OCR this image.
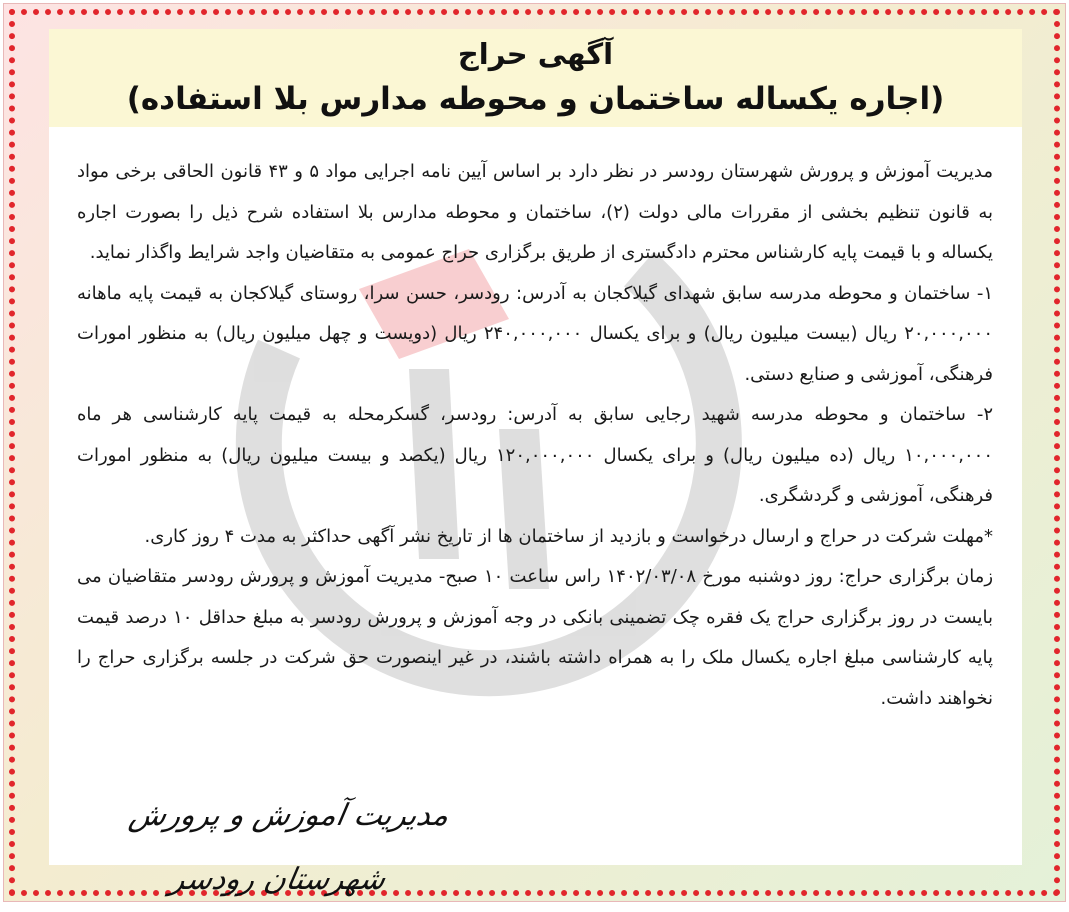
آگهی حراج
(اجاره یکساله ساختمان و محوطه مدارس بلا استفاده)

مدیریت آموزش و پرورش شهرستان رودسر در نظر دارد بر اساس آیین نامه اجرایی مواد ۵ و ۴۳ قانون الحاقی برخی مواد به قانون تنظیم بخشی از مقررات مالی دولت (۲)، ساختمان و محوطه مدارس بلا استفاده شرح ذیل را بصورت اجاره یکساله و با قیمت پایه کارشناس محترم دادگستری از طریق برگزاری حراج عمومی به متقاضیان واجد شرایط واگذار نماید.

۱- ساختمان و محوطه مدرسه سابق شهدای گیلاکجان به آدرس: رودسر، حسن سرا، روستای گیلاکجان به قیمت پایه ماهانه ۲۰,۰۰۰,۰۰۰ ریال (بیست میلیون ریال) و برای یکسال ۲۴۰,۰۰۰,۰۰۰ ریال (دویست و چهل میلیون ریال) به منظور امورات فرهنگی، آموزشی و صنایع دستی.

۲- ساختمان و محوطه مدرسه شهید رجایی سابق به آدرس: رودسر، گسکرمحله به قیمت پایه کارشناسی هر ماه ۱۰,۰۰۰,۰۰۰ ریال (ده میلیون ریال) و برای یکسال ۱۲۰,۰۰۰,۰۰۰ ریال (یکصد و بیست میلیون ریال) به منظور امورات فرهنگی، آموزشی و گردشگری.

*مهلت شرکت در حراج و ارسال درخواست و بازدید از ساختمان ها از تاریخ نشر آگهی حداکثر به مدت ۴ روز کاری.

زمان برگزاری حراج: روز دوشنبه مورخ ۱۴۰۲/۰۳/۰۸ راس ساعت ۱۰ صبح- مدیریت آموزش و پرورش رودسر متقاضیان می بایست در روز برگزاری حراج یک فقره چک تضمینی بانکی در وجه آموزش و پرورش رودسر به مبلغ حداقل ۱۰ درصد قیمت پایه کارشناسی مبلغ اجاره یکسال ملک را به همراه داشته باشند، در غیر اینصورت حق شرکت در جلسه برگزاری حراج را نخواهند داشت.

مدیریت آموزش و پرورش شهرستان رودسر
